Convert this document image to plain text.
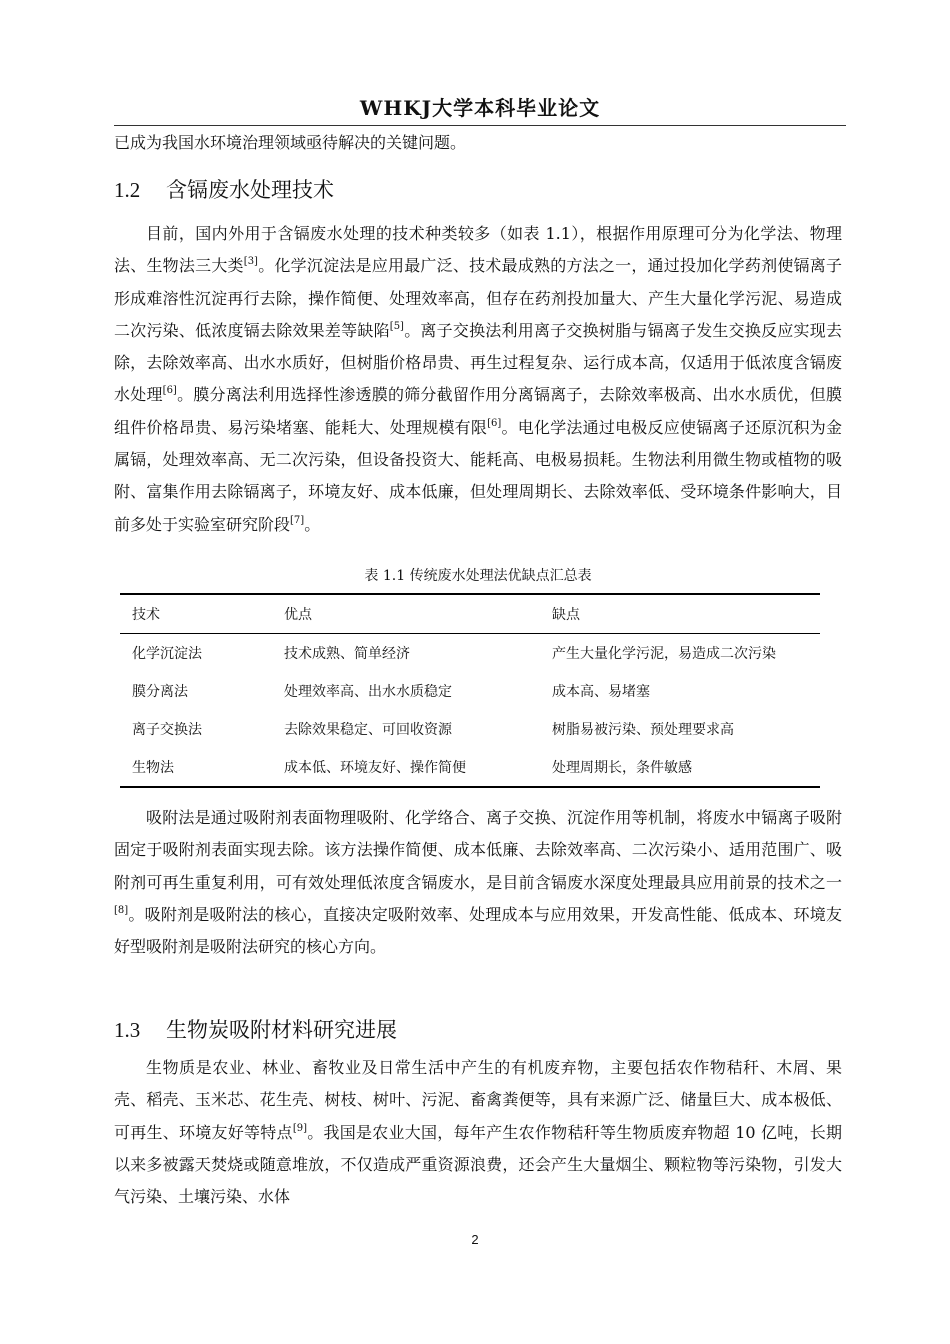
WHKJ大学本科毕业论文
已成为我国水环境治理领域亟待解决的关键问题。
1.2 含镉废水处理技术

目前，国内外用于含镉废水处理的技术种类较多（如表 1.1），根据作用原理可分为化学法、物理法、生物法三大类[3]。化学沉淀法是应用最广泛、技术最成熟的方法之一，通过投加化学药剂使镉离子形成难溶性沉淀再行去除，操作简便、处理效率高，但存在药剂投加量大、产生大量化学污泥、易造成二次污染、低浓度镉去除效果差等缺陷[5]。离子交换法利用离子交换树脂与镉离子发生交换反应实现去除，去除效率高、出水水质好，但树脂价格昂贵、再生过程复杂、运行成本高，仅适用于低浓度含镉废水处理[6]。膜分离法利用选择性渗透膜的筛分截留作用分离镉离子，去除效率极高、出水水质优，但膜组件价格昂贵、易污染堵塞、能耗大、处理规模有限[6]。电化学法通过电极反应使镉离子还原沉积为金属镉，处理效率高、无二次污染，但设备投资大、能耗高、电极易损耗。生物法利用微生物或植物的吸附、富集作用去除镉离子，环境友好、成本低廉，但处理周期长、去除效率低、受环境条件影响大，目前多处于实验室研究阶段[7]。

表 1.1 传统废水处理法优缺点汇总表
技术	优点	缺点
化学沉淀法	技术成熟、简单经济	产生大量化学污泥，易造成二次污染
膜分离法	处理效率高、出水水质稳定	成本高、易堵塞
离子交换法	去除效果稳定、可回收资源	树脂易被污染、预处理要求高
生物法	成本低、环境友好、操作简便	处理周期长，条件敏感

吸附法是通过吸附剂表面物理吸附、化学络合、离子交换、沉淀作用等机制，将废水中镉离子吸附固定于吸附剂表面实现去除。该方法操作简便、成本低廉、去除效率高、二次污染小、适用范围广、吸附剂可再生重复利用，可有效处理低浓度含镉废水，是目前含镉废水深度处理最具应用前景的技术之一[8]。吸附剂是吸附法的核心，直接决定吸附效率、处理成本与应用效果，开发高性能、低成本、环境友好型吸附剂是吸附法研究的核心方向。

1.3 生物炭吸附材料研究进展

生物质是农业、林业、畜牧业及日常生活中产生的有机废弃物，主要包括农作物秸秆、木屑、果壳、稻壳、玉米芯、花生壳、树枝、树叶、污泥、畜禽粪便等，具有来源广泛、储量巨大、成本极低、可再生、环境友好等特点[9]。我国是农业大国，每年产生农作物秸秆等生物质废弃物超 10 亿吨，长期以来多被露天焚烧或随意堆放，不仅造成严重资源浪费，还会产生大量烟尘、颗粒物等污染物，引发大气污染、土壤污染、水体

2
